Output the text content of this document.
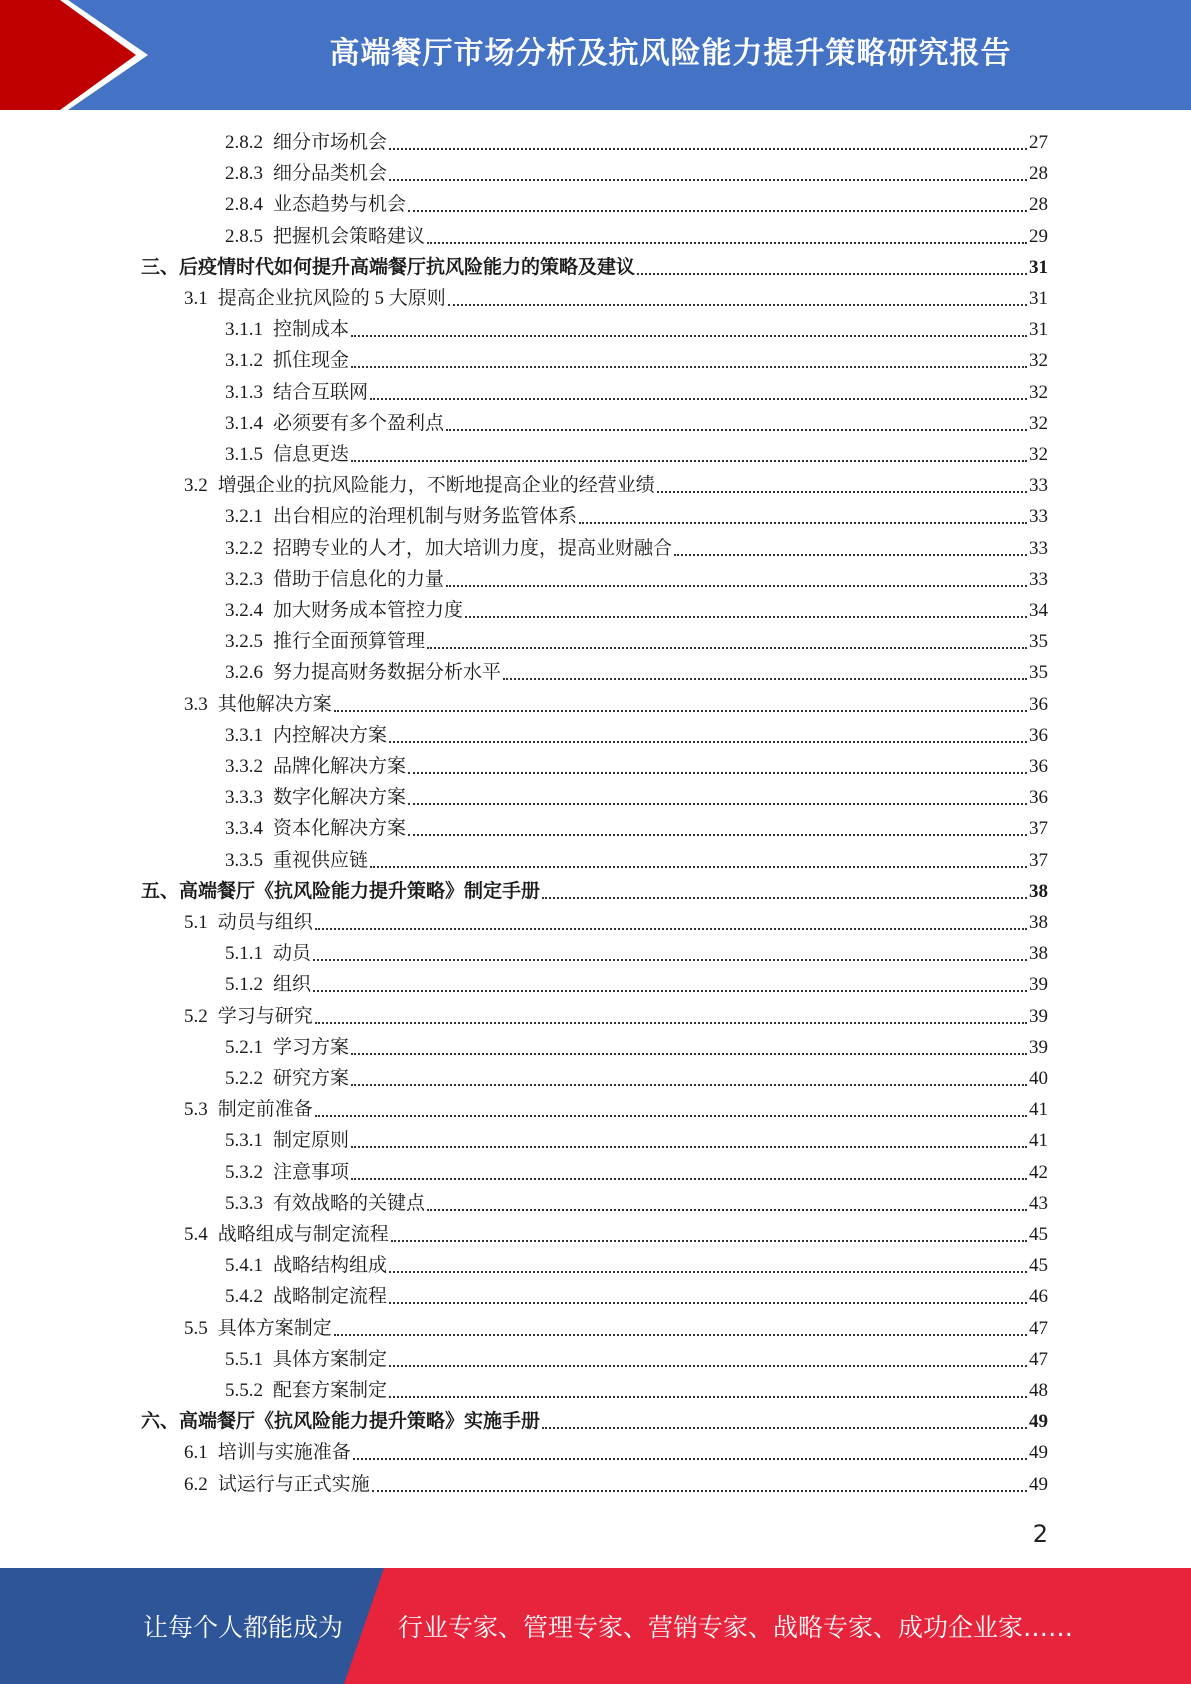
高端餐厅市场分析及抗风险能力提升策略研究报告
2.8.2 细分市场机会	27
2.8.3 细分品类机会	28
2.8.4 业态趋势与机会	28
2.8.5 把握机会策略建议	29
三、 后疫情时代如何提升高端餐厅抗风险能力的策略及建议	31
3.1 提高企业抗风险的 5 大原则	31
3.1.1 控制成本	31
3.1.2 抓住现金	32
3.1.3 结合互联网	32
3.1.4 必须要有多个盈利点	32
3.1.5 信息更迭	32
3.2 增强企业的抗风险能力，不断地提高企业的经营业绩	33
3.2.1 出台相应的治理机制与财务监管体系	33
3.2.2 招聘专业的人才，加大培训力度，提高业财融合	33
3.2.3 借助于信息化的力量	33
3.2.4 加大财务成本管控力度	34
3.2.5 推行全面预算管理	35
3.2.6 努力提高财务数据分析水平	35
3.3 其他解决方案	36
3.3.1 内控解决方案	36
3.3.2 品牌化解决方案	36
3.3.3 数字化解决方案	36
3.3.4 资本化解决方案	37
3.3.5 重视供应链	37
五、 高端餐厅《抗风险能力提升策略》制定手册	38
5.1 动员与组织	38
5.1.1 动员	38
5.1.2 组织	39
5.2 学习与研究	39
5.2.1 学习方案	39
5.2.2 研究方案	40
5.3 制定前准备	41
5.3.1 制定原则	41
5.3.2 注意事项	42
5.3.3 有效战略的关键点	43
5.4 战略组成与制定流程	45
5.4.1 战略结构组成	45
5.4.2 战略制定流程	46
5.5 具体方案制定	47
5.5.1 具体方案制定	47
5.5.2 配套方案制定	48
六、 高端餐厅《抗风险能力提升策略》实施手册	49
6.1 培训与实施准备	49
6.2 试运行与正式实施	49
2
让每个人都能成为 行业专家、管理专家、营销专家、战略专家、成功企业家……
